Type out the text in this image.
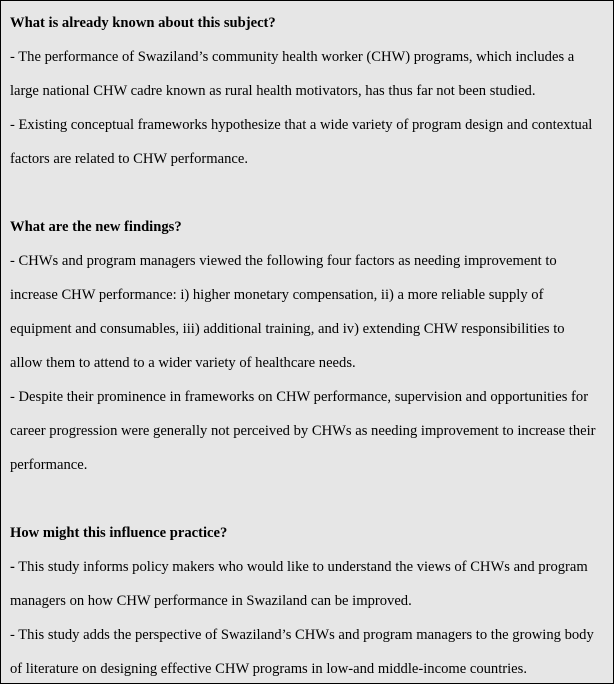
What is already known about this subject?
- The performance of Swaziland’s community health worker (CHW) programs, which includes a
large national CHW cadre known as rural health motivators, has thus far not been studied.
- Existing conceptual frameworks hypothesize that a wide variety of program design and contextual
factors are related to CHW performance.
What are the new findings?
- CHWs and program managers viewed the following four factors as needing improvement to
increase CHW performance: i) higher monetary compensation, ii) a more reliable supply of
equipment and consumables, iii) additional training, and iv) extending CHW responsibilities to
allow them to attend to a wider variety of healthcare needs.
- Despite their prominence in frameworks on CHW performance, supervision and opportunities for
career progression were generally not perceived by CHWs as needing improvement to increase their
performance.
How might this influence practice?
- This study informs policy makers who would like to understand the views of CHWs and program
managers on how CHW performance in Swaziland can be improved.
- This study adds the perspective of Swaziland’s CHWs and program managers to the growing body
of literature on designing effective CHW programs in low-and middle-income countries.
